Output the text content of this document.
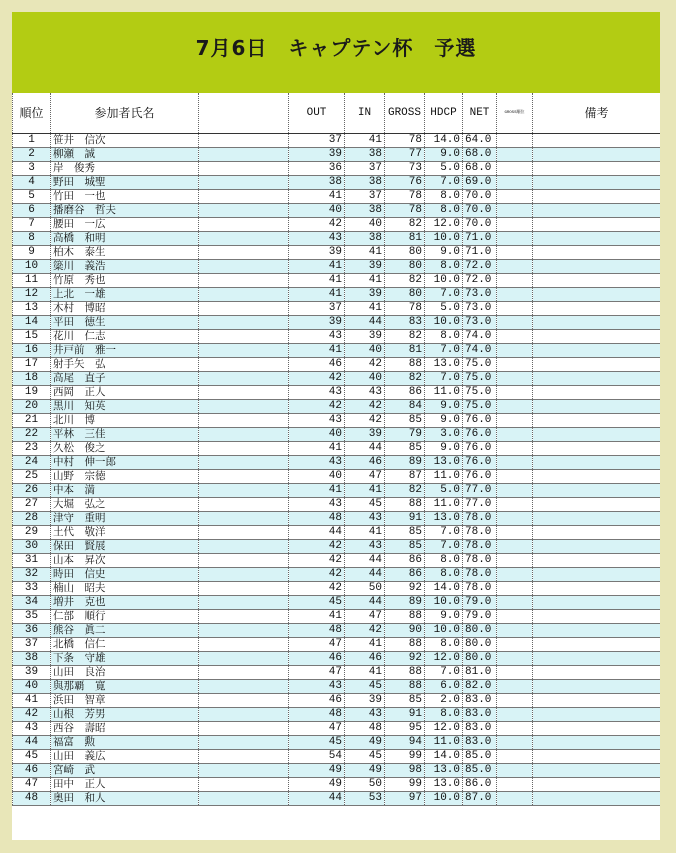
7月6日　キャプテン杯　予選
順位	参加者氏名		OUT	IN	GROSS	HDCP	NET	GROSS順位	備考
1	笹井　信次		37	41	78	14.0	64.0		
2	柳瀬　誠		39	38	77	9.0	68.0		
3	岸　俊秀		36	37	73	5.0	68.0		
4	野田　城聖		38	38	76	7.0	69.0		
5	竹田　一也		41	37	78	8.0	70.0		
6	播磨谷　哲夫		40	38	78	8.0	70.0		
7	腰田　一広		42	40	82	12.0	70.0		
8	高橋　和明		43	38	81	10.0	71.0		
9	柏木　泰生		39	41	80	9.0	71.0		
10	簗川　義浩		41	39	80	8.0	72.0		
11	竹原　秀也		41	41	82	10.0	72.0		
12	上北　一雄		41	39	80	7.0	73.0		
13	木村　博昭		37	41	78	5.0	73.0		
14	平田　徳生		39	44	83	10.0	73.0		
15	花川　仁志		43	39	82	8.0	74.0		
16	井戸前　雅一		41	40	81	7.0	74.0		
17	射手矢　弘		46	42	88	13.0	75.0		
18	高尾　直子		42	40	82	7.0	75.0		
19	西岡　正人		43	43	86	11.0	75.0		
20	黒川　知英		42	42	84	9.0	75.0		
21	北川　博		43	42	85	9.0	76.0		
22	平林　三佳		40	39	79	3.0	76.0		
23	久松　俊之		41	44	85	9.0	76.0		
24	中村　伸一郎		43	46	89	13.0	76.0		
25	山野　宗徳		40	47	87	11.0	76.0		
26	中本　満		41	41	82	5.0	77.0		
27	大堀　弘之		43	45	88	11.0	77.0		
28	津守　重明		48	43	91	13.0	78.0		
29	土代　敬洋		44	41	85	7.0	78.0		
30	保田　賢展		42	43	85	7.0	78.0		
31	山本　昇次		42	44	86	8.0	78.0		
32	時田　信史		42	44	86	8.0	78.0		
33	楠山　昭夫		42	50	92	14.0	78.0		
34	増井　克也		45	44	89	10.0	79.0		
35	仁部　順行		41	47	88	9.0	79.0		
36	熊谷　眞二		48	42	90	10.0	80.0		
37	北橋　信仁		47	41	88	8.0	80.0		
38	下条　守雄		46	46	92	12.0	80.0		
39	山田　良治		47	41	88	7.0	81.0		
40	與那覇　寛		43	45	88	6.0	82.0		
41	浜田　智章		46	39	85	2.0	83.0		
42	山根　芳男		48	43	91	8.0	83.0		
43	西谷　壽昭		47	48	95	12.0	83.0		
44	福富　勲		45	49	94	11.0	83.0		
45	山田　義広		54	45	99	14.0	85.0		
46	宮崎　武		49	49	98	13.0	85.0		
47	田中　正人		49	50	99	13.0	86.0		
48	奥田　和人		44	53	97	10.0	87.0		
